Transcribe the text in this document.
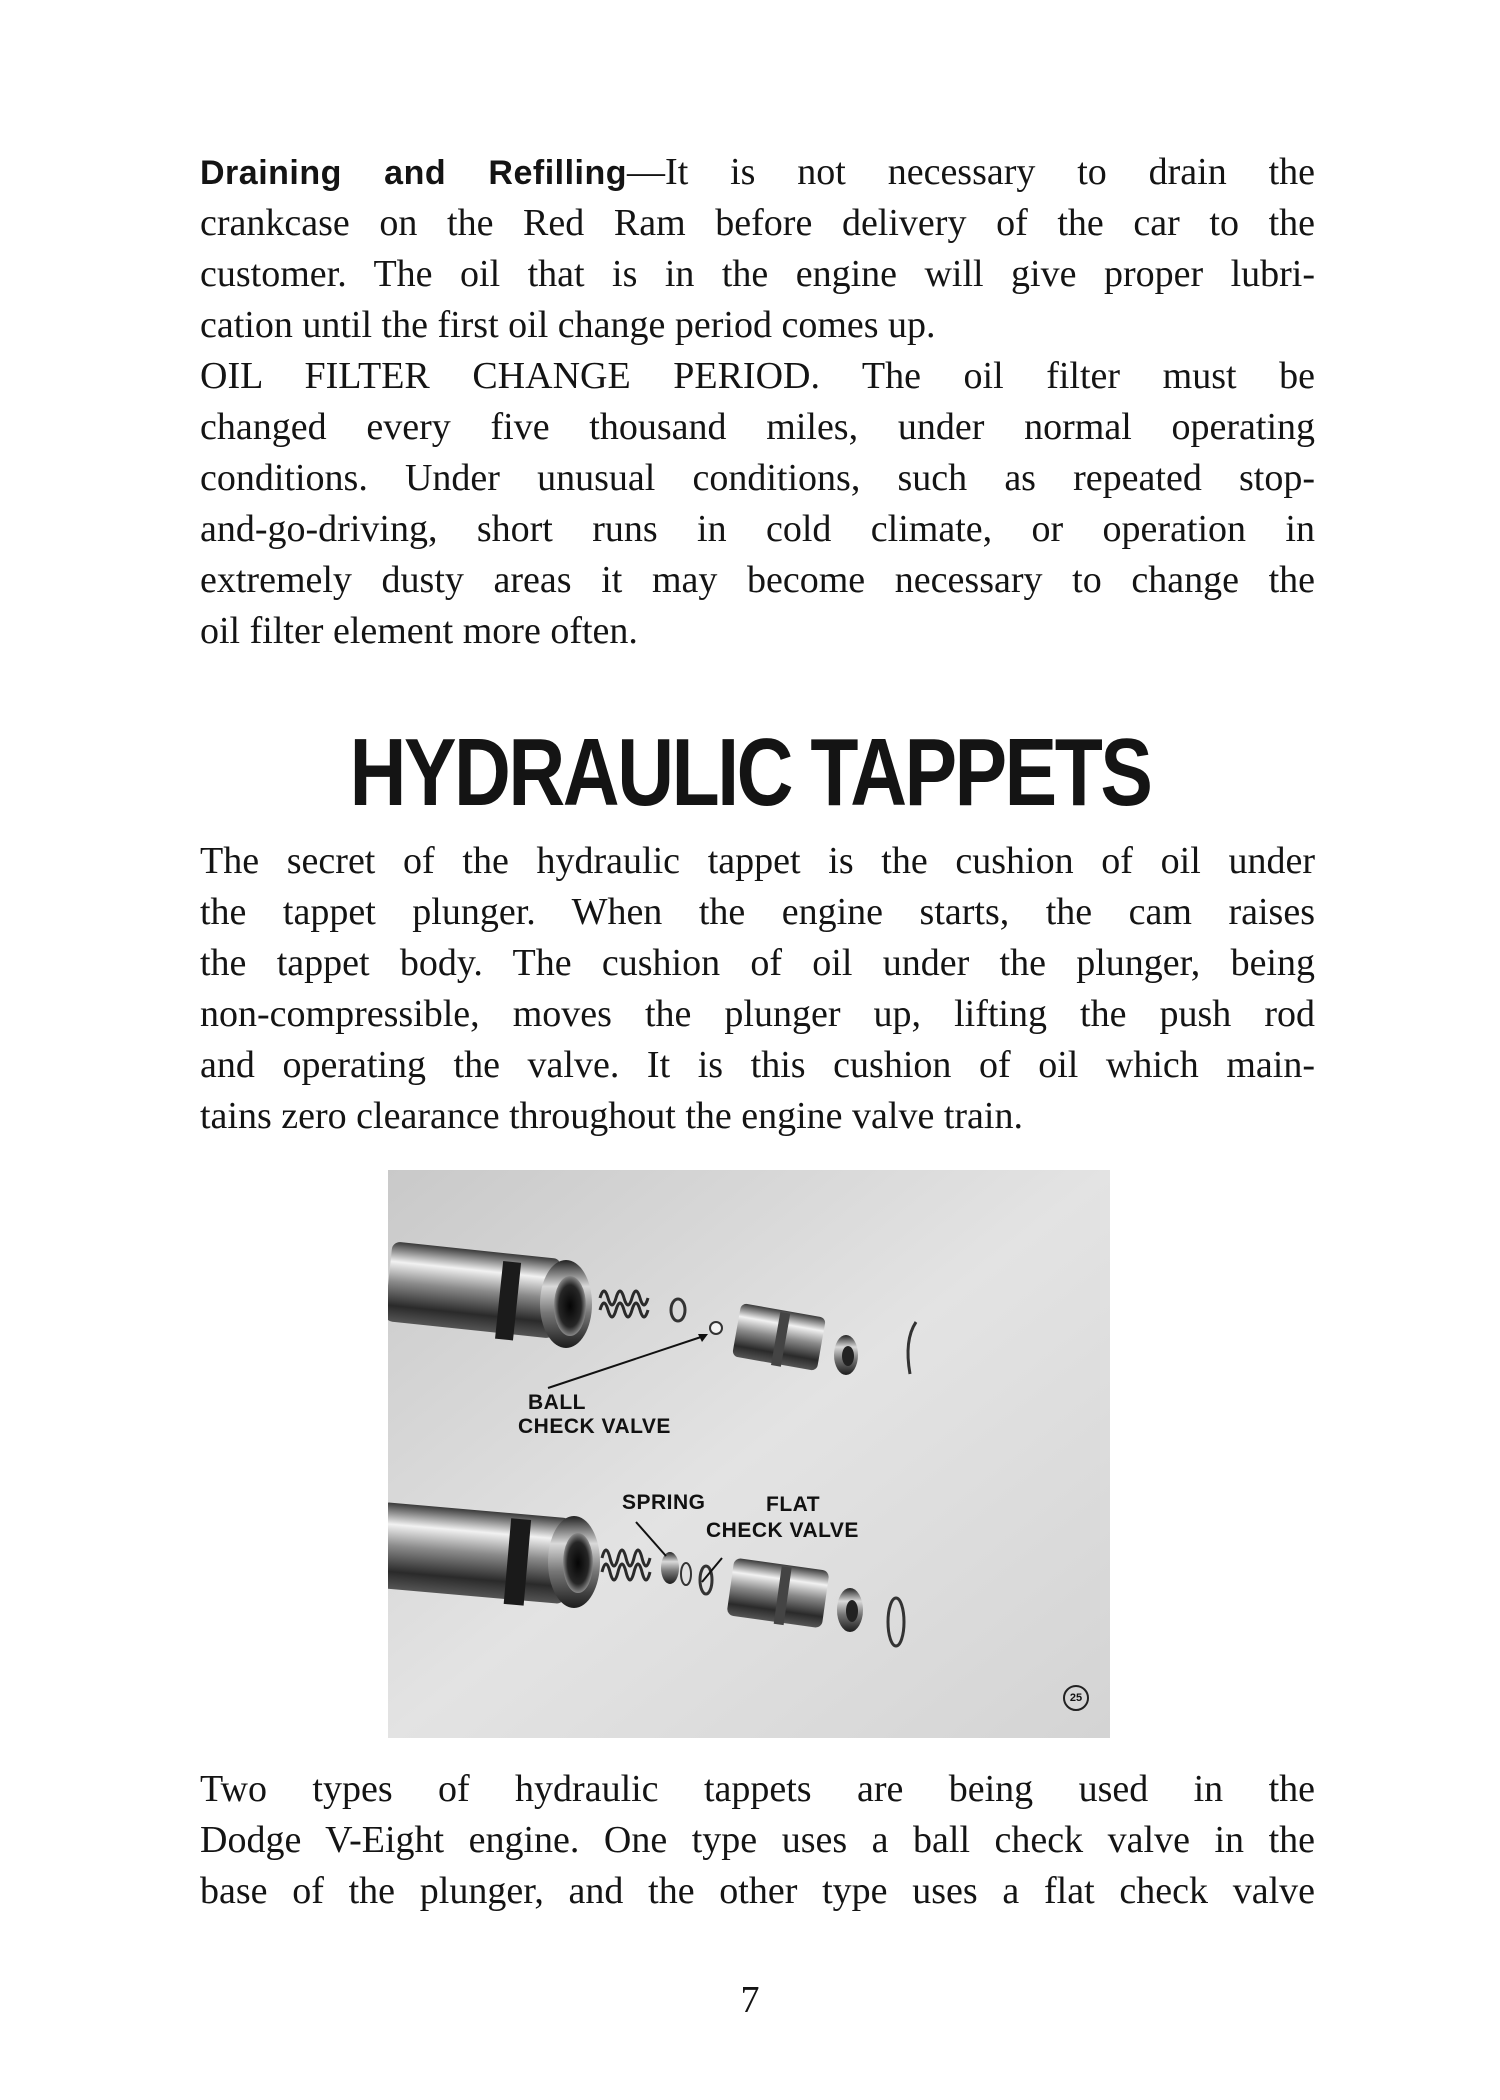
Draining and Refilling—It is not necessary to drain the
crankcase on the Red Ram before delivery of the car to the
customer. The oil that is in the engine will give proper lubri-
cation until the first oil change period comes up.
OIL FILTER CHANGE PERIOD. The oil filter must be
changed every five thousand miles, under normal operating
conditions. Under unusual conditions, such as repeated stop-
and-go-driving, short runs in cold climate, or operation in
extremely dusty areas it may become necessary to change the
oil filter element more often.
HYDRAULIC TAPPETS
The secret of the hydraulic tappet is the cushion of oil under
the tappet plunger. When the engine starts, the cam raises
the tappet body. The cushion of oil under the plunger, being
non-compressible, moves the plunger up, lifting the push rod
and operating the valve. It is this cushion of oil which main-
tains zero clearance throughout the engine valve train.
BALL
CHECK VALVE
SPRING	FLAT
CHECK VALVE
25
Two types of hydraulic tappets are being used in the
Dodge V-Eight engine. One type uses a ball check valve in the
base of the plunger, and the other type uses a flat check valve
7
